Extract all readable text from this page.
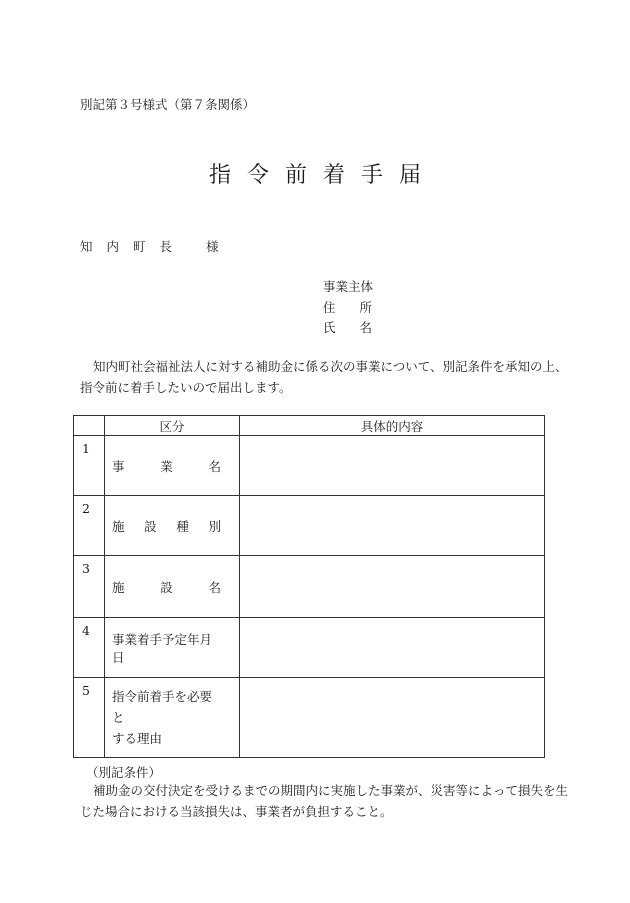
別記第３号様式（第７条関係）
指 令 前 着 手 届
知 内 町 長	様
事業主体
住 所
氏 名
知内町社会福祉法人に対する補助金に係る次の事業について、別記条件を承知の上、
指令前に着手したいので届出します。
	区分	具体的内容
1	事 業 名	

2	施 設 種 別	

3	施 設 名	

4	事業着手予定年月日	

5	指令前着手を必要と
する理由	

（別記条件）
補助金の交付決定を受けるまでの期間内に実施した事業が、災害等によって損失を生
じた場合における当該損失は、事業者が負担すること。
